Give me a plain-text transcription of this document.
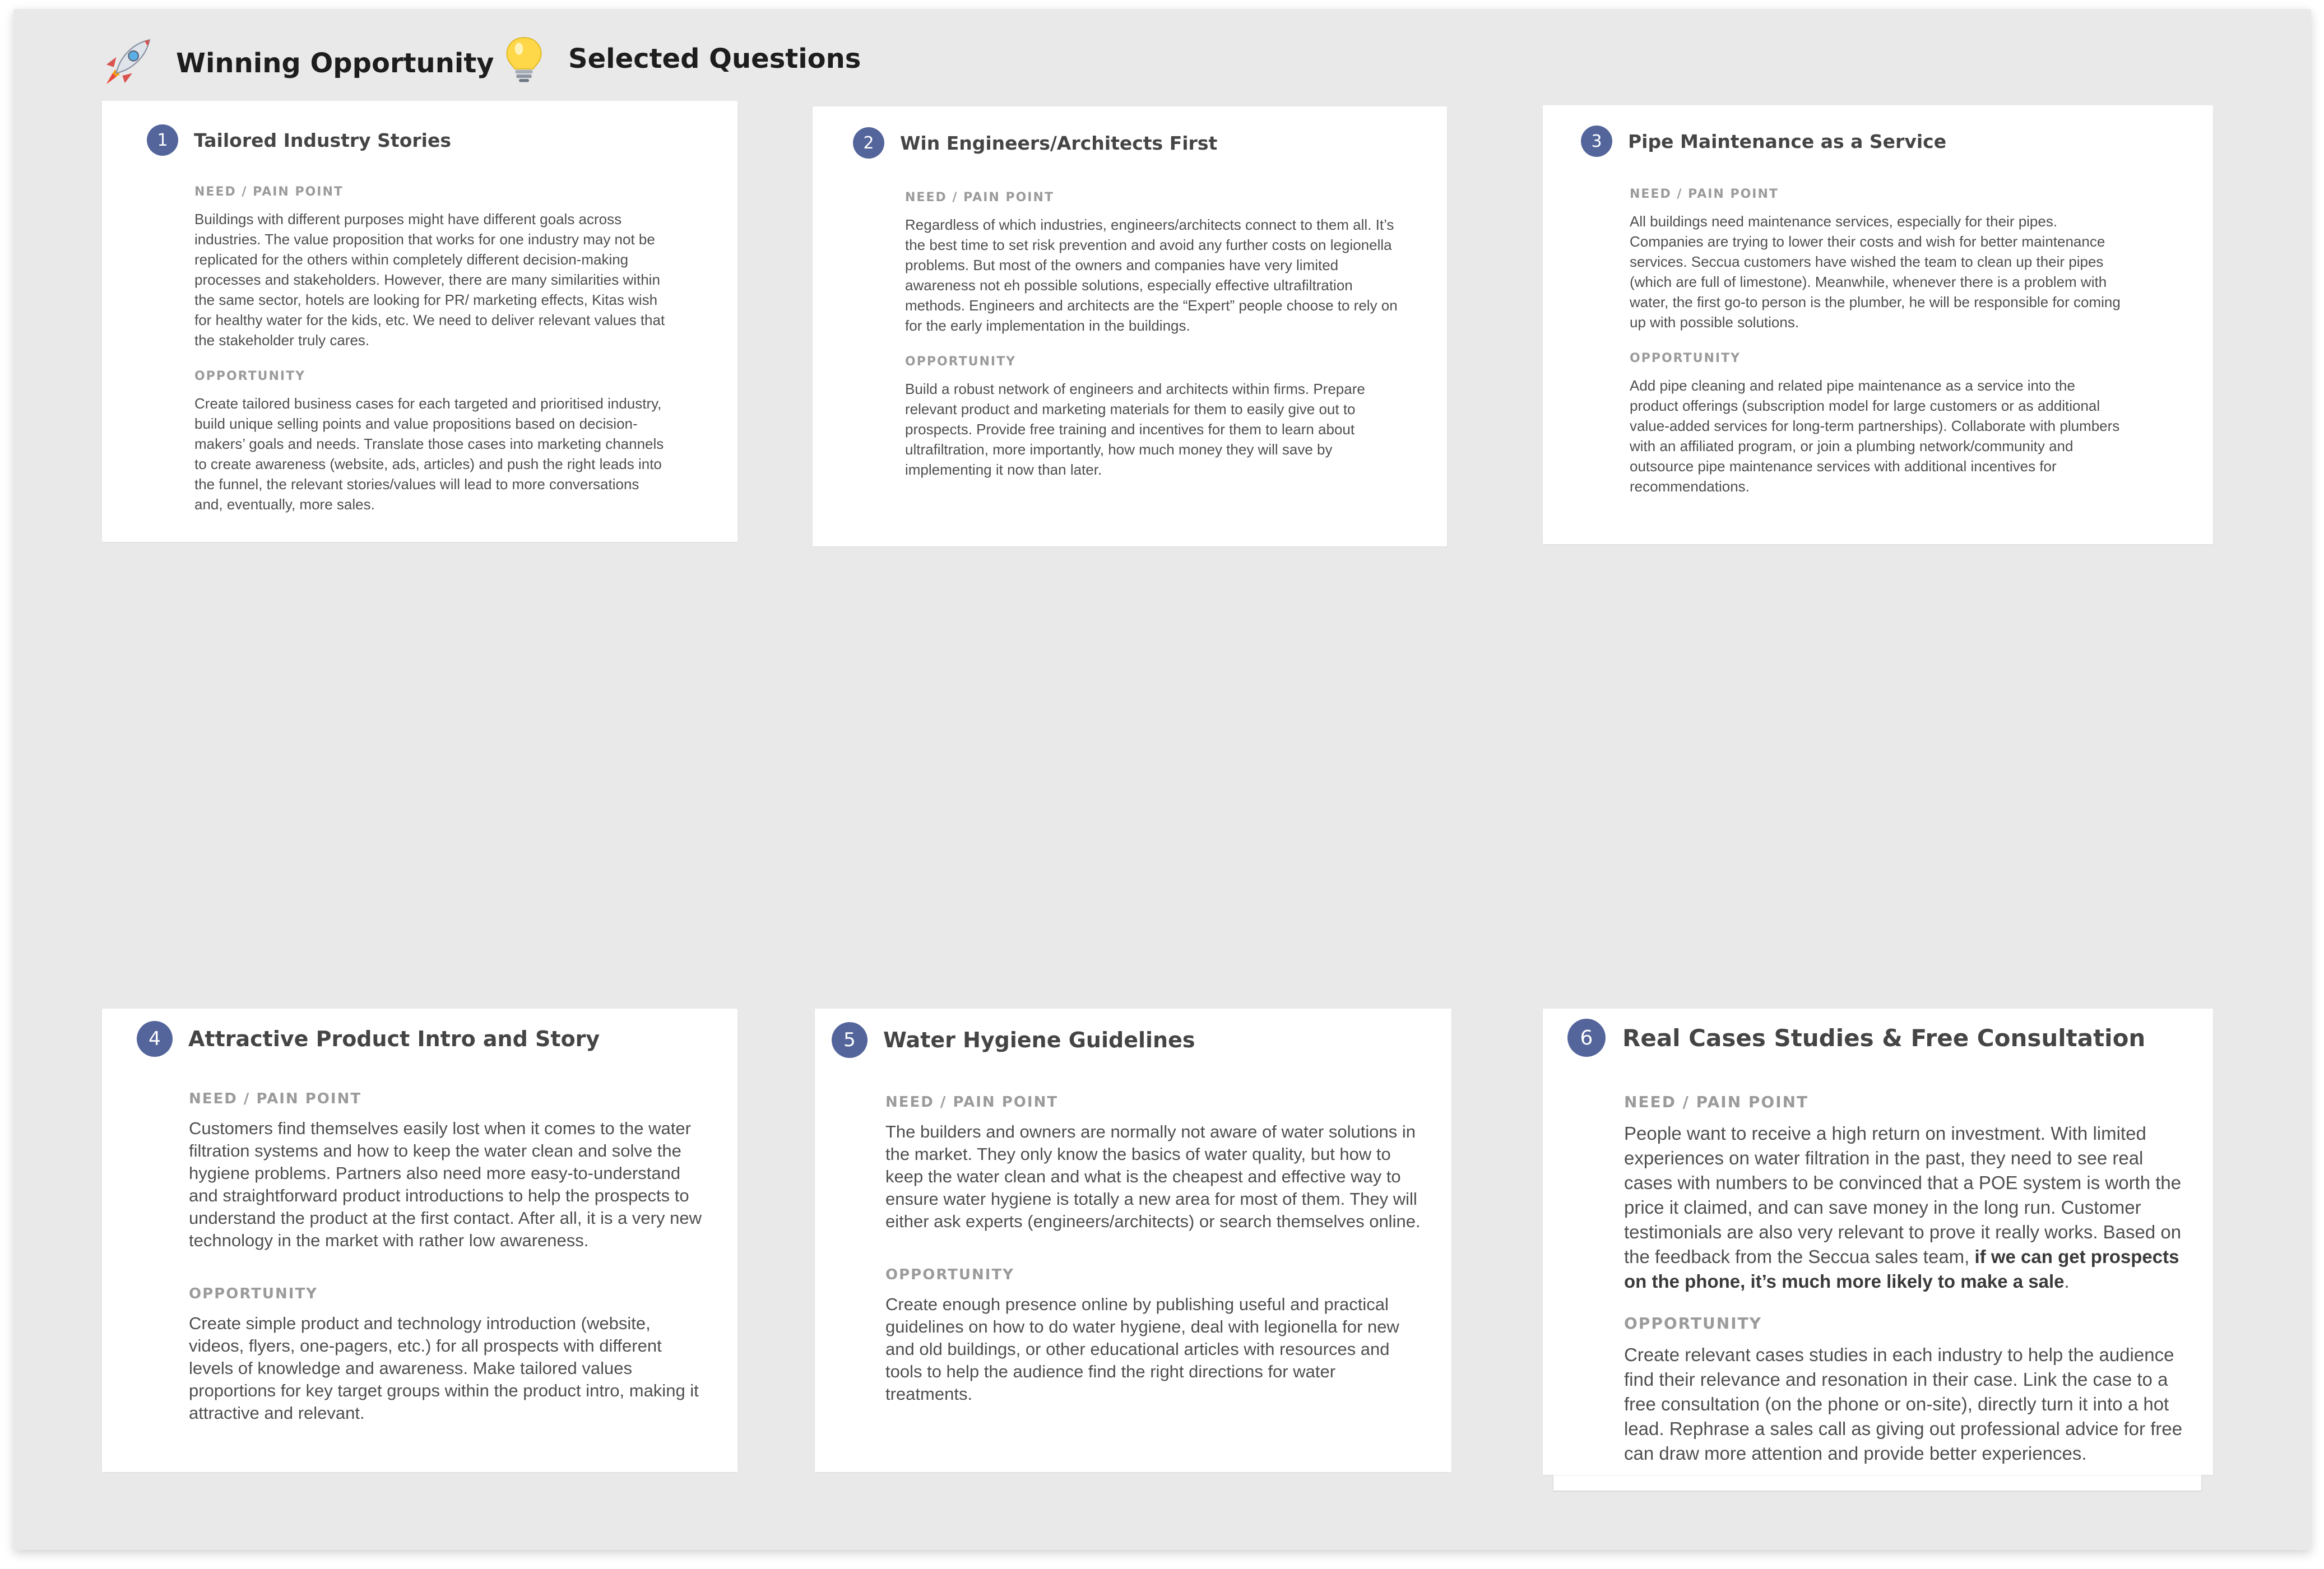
Winning Opportunity	Selected Questions
1	Tailored Industry Stories
NEED / PAIN POINT

Buildings with different purposes might have different goals across industries. The value proposition that works for one industry may not be replicated for the others within completely different decision-making processes and stakeholders. However, there are many similarities within the same sector, hotels are looking for PR/ marketing effects, Kitas wish for healthy water for the kids, etc. We need to deliver relevant values that the stakeholder truly cares.

OPPORTUNITY

Create tailored business cases for each targeted and prioritised industry, build unique selling points and value propositions based on decision-makers’ goals and needs. Translate those cases into marketing channels to create awareness (website, ads, articles) and push the right leads into the funnel, the relevant stories/values will lead to more conversations and, eventually, more sales.

2	Win Engineers/Architects First
NEED / PAIN POINT

Regardless of which industries, engineers/architects connect to them all. It’s the best time to set risk prevention and avoid any further costs on legionella problems. But most of the owners and companies have very limited awareness not eh possible solutions, especially effective ultrafiltration methods. Engineers and architects are the “Expert” people choose to rely on for the early implementation in the buildings.

OPPORTUNITY

Build a robust network of engineers and architects within firms. Prepare relevant product and marketing materials for them to easily give out to prospects. Provide free training and incentives for them to learn about ultrafiltration, more importantly, how much money they will save by implementing it now than later.

3	Pipe Maintenance as a Service
NEED / PAIN POINT

All buildings need maintenance services, especially for their pipes. Companies are trying to lower their costs and wish for better maintenance services. Seccua customers have wished the team to clean up their pipes (which are full of limestone). Meanwhile, whenever there is a problem with water, the first go-to person is the plumber, he will be responsible for coming up with possible solutions.

OPPORTUNITY

Add pipe cleaning and related pipe maintenance as a service into the product offerings (subscription model for large customers or as additional value-added services for long-term partnerships). Collaborate with plumbers with an affiliated program, or join a plumbing network/community and outsource pipe maintenance services with additional incentives for recommendations.

4	Attractive Product Intro and Story
NEED / PAIN POINT

Customers find themselves easily lost when it comes to the water filtration systems and how to keep the water clean and solve the hygiene problems. Partners also need more easy-to-understand and straightforward product introductions to help the prospects to understand the product at the first contact. After all, it is a very new technology in the market with rather low awareness.

OPPORTUNITY

Create simple product and technology introduction (website, videos, flyers, one-pagers, etc.) for all prospects with different levels of knowledge and awareness. Make tailored values proportions for key target groups within the product intro, making it attractive and relevant.

5	Water Hygiene Guidelines
NEED / PAIN POINT

The builders and owners are normally not aware of water solutions in the market. They only know the basics of water quality, but how to keep the water clean and what is the cheapest and effective way to ensure water hygiene is totally a new area for most of them. They will either ask experts (engineers/architects) or search themselves online.

OPPORTUNITY

Create enough presence online by publishing useful and practical guidelines on how to do water hygiene, deal with legionella for new and old buildings, or other educational articles with resources and tools to help the audience find the right directions for water treatments.

6	Real Cases Studies & Free Consultation
NEED / PAIN POINT

People want to receive a high return on investment. With limited experiences on water filtration in the past, they need to see real cases with numbers to be convinced that a POE system is worth the price it claimed, and can save money in the long run. Customer testimonials are also very relevant to prove it really works. Based on the feedback from the Seccua sales team, if we can get prospects on the phone, it’s much more likely to make a sale.

OPPORTUNITY

Create relevant cases studies in each industry to help the audience find their relevance and resonation in their case. Link the case to a free consultation (on the phone or on-site), directly turn it into a hot lead. Rephrase a sales call as giving out professional advice for free can draw more attention and provide better experiences.
